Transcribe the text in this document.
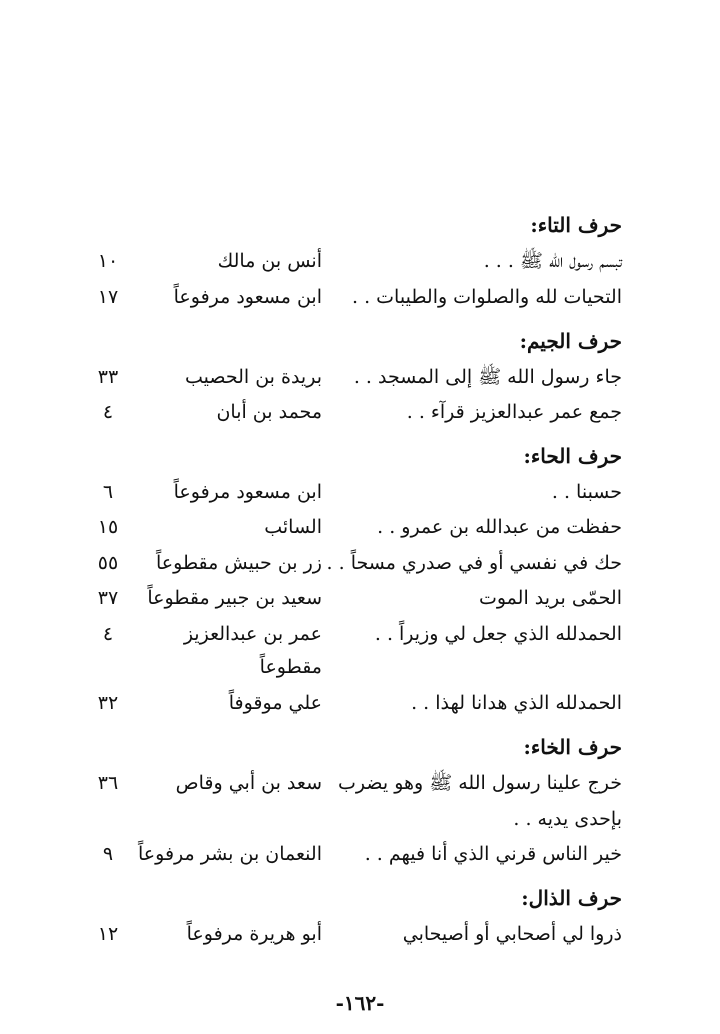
حرف التاء:
تبسم رسول الله ﷺ . . .
أنس بن مالك
١٠
التحيات لله والصلوات والطيبات . .
ابن مسعود مرفوعاً
١٧
حرف الجيم:
جاء رسول الله ﷺ إلى المسجد . .
بريدة بن الحصيب
٣٣
جمع عمر عبدالعزيز قرآء . .
محمد بن أبان
٤
حرف الحاء:
حسبنا . .
ابن مسعود مرفوعاً
٦
حفظت من عبدالله بن عمرو . .
السائب
١٥
حك في نفسي أو في صدري مسحاً . .
زر بن حبيش مقطوعاً
٥٥
الحمّى بريد الموت
سعيد بن جبير مقطوعاً
٣٧
الحمدلله الذي جعل لي وزيراً . .
عمر بن عبدالعزيز
٤
مقطوعاً
الحمدلله الذي هدانا لهذا . .
علي موقوفاً
٣٢
حرف الخاء:
خرج علينا رسول الله ﷺ وهو يضرب
سعد بن أبي وقاص
٣٦
بإحدى يديه . .
خير الناس قرني الذي أنا فيهم . .
النعمان بن بشر مرفوعاً
٩
حرف الذال:
ذروا لي أصحابي أو أصيحابي
أبو هريرة مرفوعاً
١٢
-١٦٢-
